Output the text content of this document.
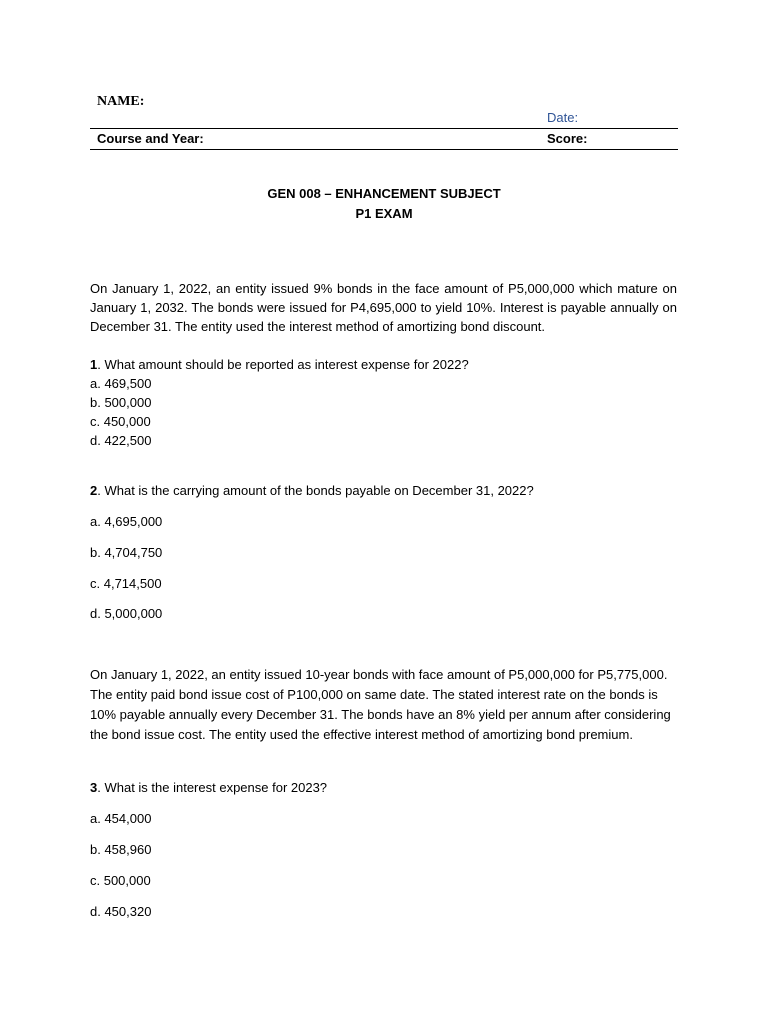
NAME:
Date:
Course and Year:	Score:
GEN 008 – ENHANCEMENT SUBJECT
P1 EXAM

On January 1, 2022, an entity issued 9% bonds in the face amount of P5,000,000 which mature on January 1, 2032. The bonds were issued for P4,695,000 to yield 10%. Interest is payable annually on December 31. The entity used the interest method of amortizing bond discount.

1. What amount should be reported as interest expense for 2022?
a. 469,500
b. 500,000
c. 450,000
d. 422,500
2. What is the carrying amount of the bonds payable on December 31, 2022?
a. 4,695,000
b. 4,704,750
c. 4,714,500
d. 5,000,000

On January 1, 2022, an entity issued 10-year bonds with face amount of P5,000,000 for P5,775,000. The entity paid bond issue cost of P100,000 on same date. The stated interest rate on the bonds is 10% payable annually every December 31. The bonds have an 8% yield per annum after considering the bond issue cost. The entity used the effective interest method of amortizing bond premium.

3. What is the interest expense for 2023?
a. 454,000
b. 458,960
c. 500,000
d. 450,320
